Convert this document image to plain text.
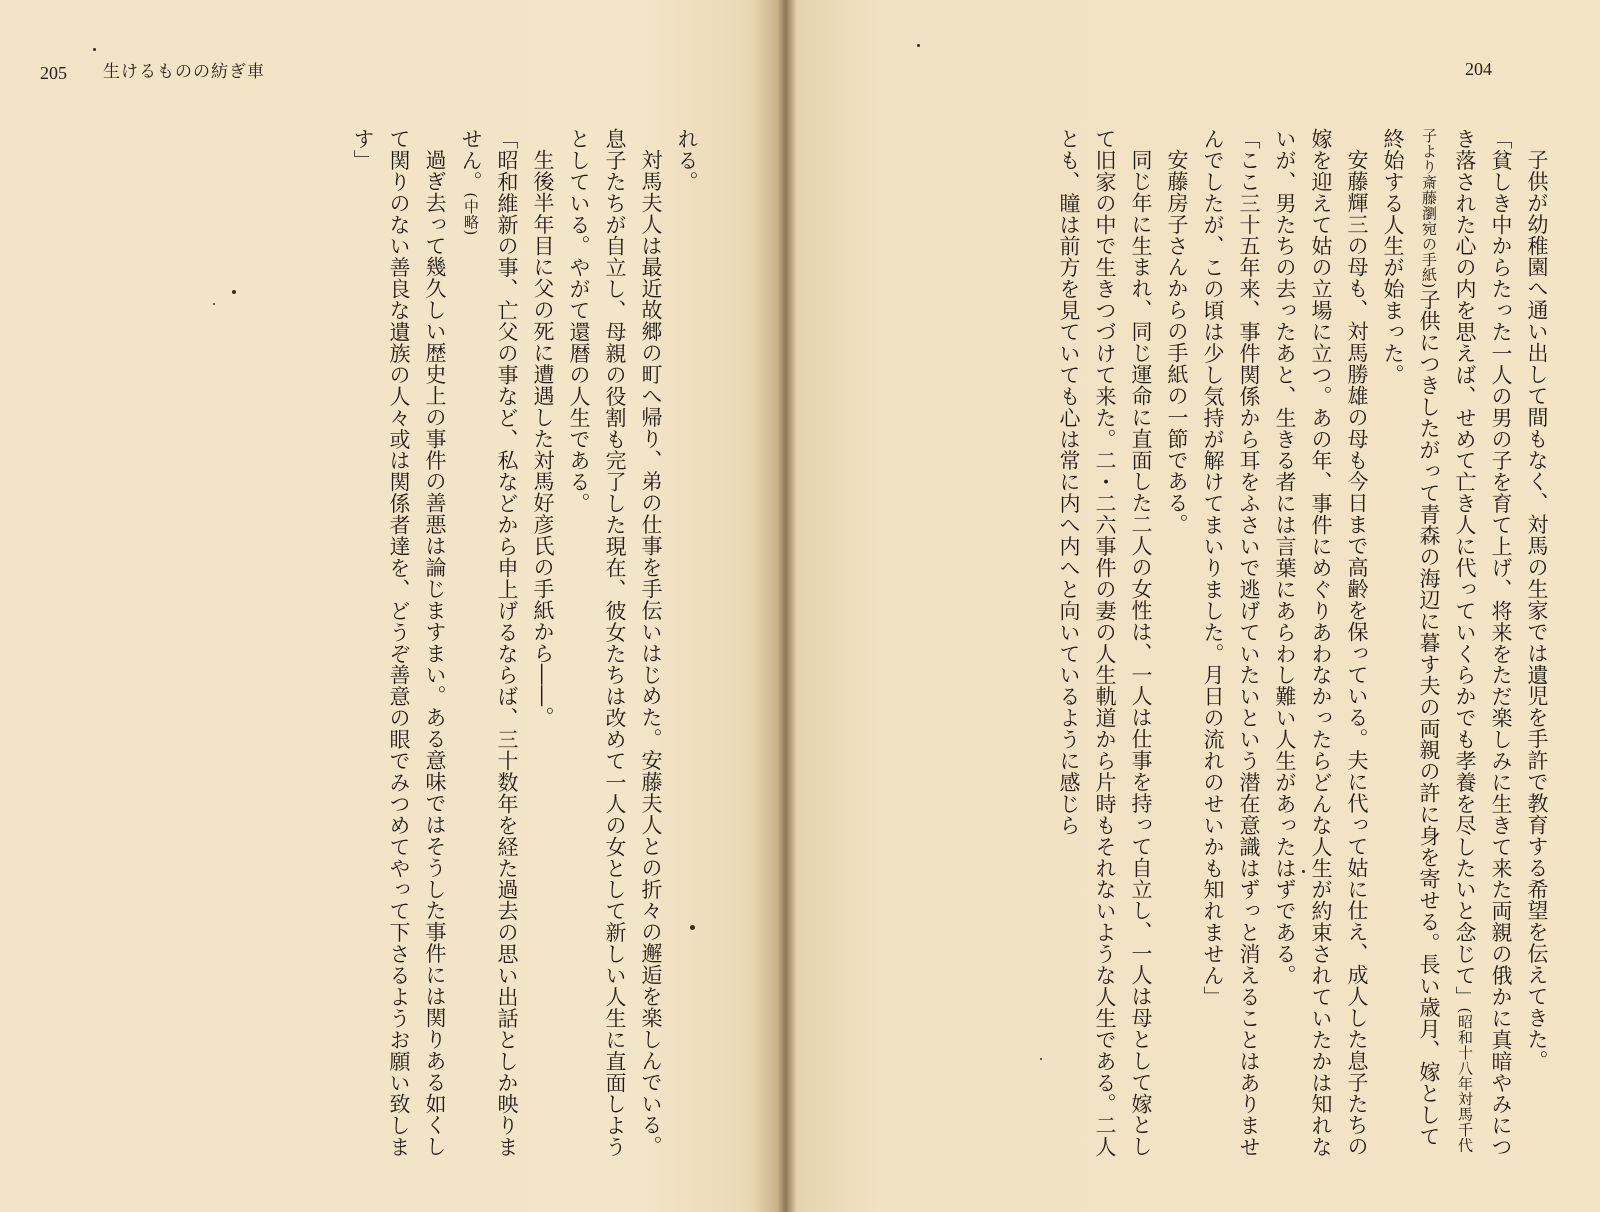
205 生けるものの紡ぎ車

れる。

対馬夫人は最近故郷の町へ帰り、弟の仕事を手伝いはじめた。安藤夫人との折々の邂逅を楽しんでいる。息子たちが自立し、母親の役割も完了した現在、彼女たちは改めて一人の女として新しい人生に直面しようとしている。やがて還暦の人生である。

生後半年目に父の死に遭遇した対馬好彦氏の手紙から――。

「昭和維新の事、亡父の事など、私などから申上げるならば、三十数年を経た過去の思い出話としか映りません。(中略)

過ぎ去って幾久しい歴史上の事件の善悪は論じますまい。ある意味ではそうした事件には関りある如くして関りのない善良な遺族の人々或は関係者達を、どうぞ善意の眼でみつめてやって下さるようお願い致します」

204

子供が幼稚園へ通い出して間もなく、対馬の生家では遺児を手許で教育する希望を伝えてきた。

「貧しき中からたった一人の男の子を育て上げ、将来をただ楽しみに生きて来た両親の俄かに真暗やみにつき落された心の内を思えば、せめて亡き人に代っていくらかでも孝養を尽したいと念じて」(昭和十八年対馬千代子より斎藤瀏宛の手紙)子供につきしたがって青森の海辺に暮す夫の両親の許に身を寄せる。長い歳月、嫁として終始する人生が始まった。

安藤輝三の母も、対馬勝雄の母も今日まで高齢を保っている。夫に代って姑に仕え、成人した息子たちの嫁を迎えて姑の立場に立つ。あの年、事件にめぐりあわなかったらどんな人生が約束されていたかは知れないが、男たちの去ったあと、生きる者には言葉にあらわし難い人生があったはずである。

「ここ三十五年来、事件関係から耳をふさいで逃げていたいという潜在意識はずっと消えることはありませんでしたが、この頃は少し気持が解けてまいりました。月日の流れのせいかも知れません」

安藤房子さんからの手紙の一節である。

同じ年に生まれ、同じ運命に直面した二人の女性は、一人は仕事を持って自立し、一人は母として嫁として旧家の中で生きつづけて来た。二・二六事件の妻の人生軌道から片時もそれないような人生である。二人とも、瞳は前方を見ていても心は常に内へ内へと向いているように感じら
